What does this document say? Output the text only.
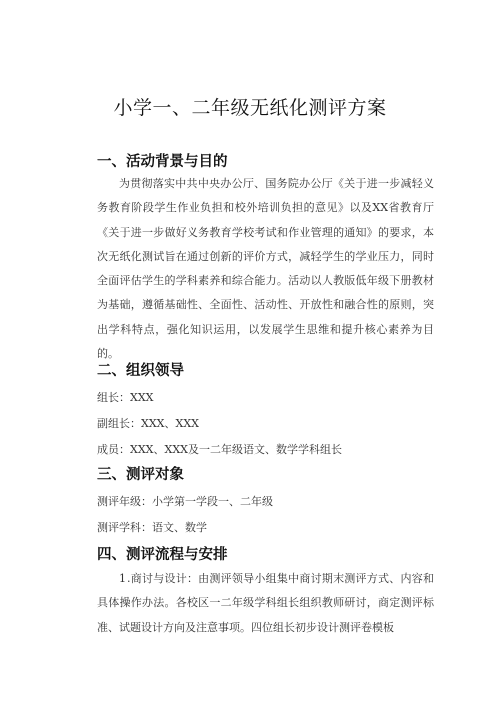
小学一、二年级无纸化测评方案
一、活动背景与目的

为贯彻落实中共中央办公厅、国务院办公厅《关于进一步减轻义务教育阶段学生作业负担和校外培训负担的意见》以及XX省教育厅《关于进一步做好义务教育学校考试和作业管理的通知》的要求，本次无纸化测试旨在通过创新的评价方式，减轻学生的学业压力，同时全面评估学生的学科素养和综合能力。活动以人教版低年级下册教材为基础，遵循基础性、全面性、活动性、开放性和融合性的原则，突出学科特点，强化知识运用，以发展学生思维和提升核心素养为目的。

二、组织领导
组长：XXX
副组长：XXX、XXX
成员：XXX、XXX及一二年级语文、数学学科组长
三、测评对象
测评年级：小学第一学段一、二年级
测评学科：语文、数学
四、测评流程与安排

1.商讨与设计：由测评领导小组集中商讨期末测评方式、内容和具体操作办法。各校区一二年级学科组长组织教师研讨，商定测评标准、试题设计方向及注意事项。四位组长初步设计测评卷模板
